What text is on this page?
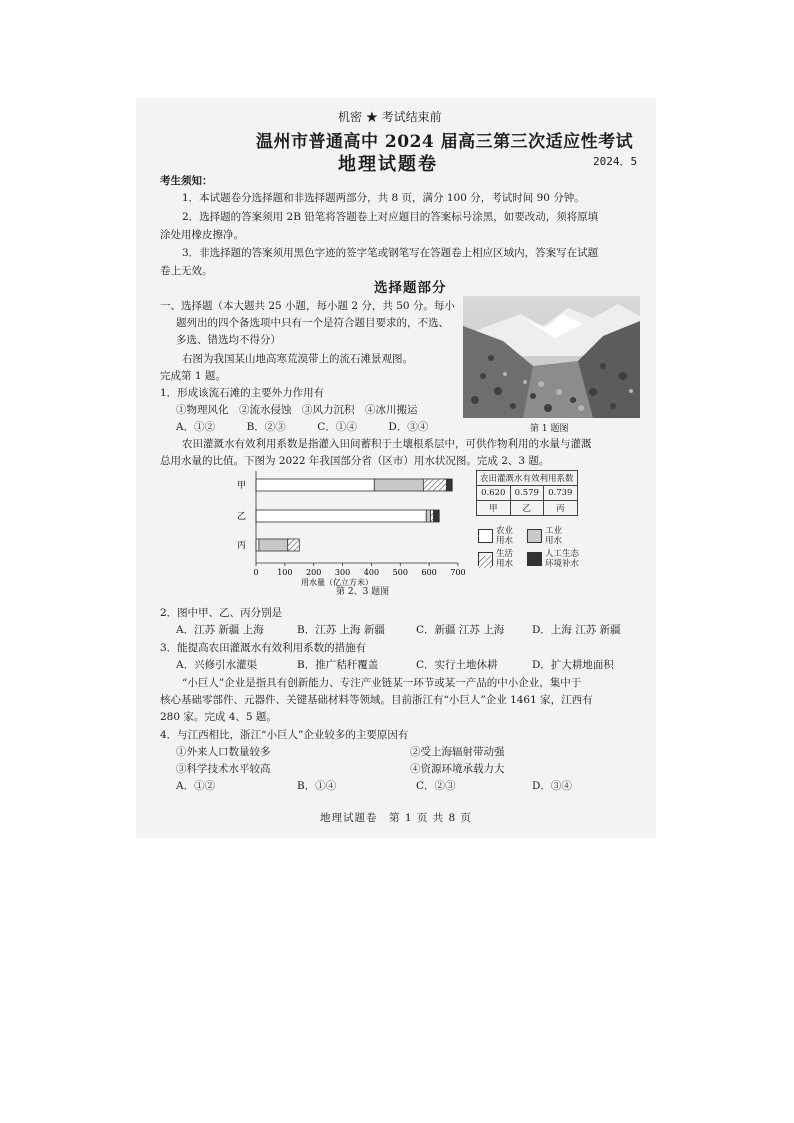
机密 ★ 考试结束前
温州市普通高中 2024 届高三第三次适应性考试
地理试题卷	2024．5
考生须知：
1．本试题卷分选择题和非选择题两部分，共 8 页，满分 100 分，考试时间 90 分钟。
2．选择题的答案须用 2B 铅笔将答题卷上对应题目的答案标号涂黑，如要改动，须将原填
涂处用橡皮擦净。
3．非选择题的答案须用黑色字迹的签字笔或钢笔写在答题卷上相应区域内，答案写在试题
卷上无效。
选择题部分
一、选择题（本大题共 25 小题，每小题 2 分，共 50 分。每小
题列出的四个备选项中只有一个是符合题目要求的，不选、
多选、错选均不得分）
右图为我国某山地高寒荒漠带上的流石滩景观图。
完成第 1 题。
1．形成该流石滩的主要外力作用有
①物理风化　②流水侵蚀　③风力沉积　④冰川搬运
A．①②　　　B．②③　　　C．①④　　　D．③④	第 1 题图
农田灌溉水有效利用系数是指灌入田间蓄积于土壤根系层中，可供作物利用的水量与灌溉
总用水量的比值。下图为 2022 年我国部分省（区市）用水状况图。完成 2、3 题。
甲
乙
丙
0 100 200 300 400 500 600 700
用水量（亿立方米）
第 2、3 题图
农田灌溉水有效利用系数		
0.620	0.579	0.739
甲	乙	丙
农业用水
工业用水
生活用水
人工生态环境补水
2．图中甲、乙、丙分别是
A．江苏 新疆 上海	B．江苏 上海 新疆	C．新疆 江苏 上海	D．上海 江苏 新疆
3．能提高农田灌溉水有效利用系数的措施有
A．兴修引水灌渠	B．推广秸秆覆盖	C．实行土地休耕	D．扩大耕地面积
“小巨人”企业是指具有创新能力、专注产业链某一环节或某一产品的中小企业，集中于
核心基础零部件、元器件、关键基础材料等领域。目前浙江有“小巨人”企业 1461 家，江西有
280 家。完成 4、5 题。
4．与江西相比，浙江“小巨人”企业较多的主要原因有
①外来人口数量较多	②受上海辐射带动强
③科学技术水平较高	④资源环境承载力大
A．①②	B．①④	C．②③	D．③④
地理试题卷　第 1 页 共 8 页
